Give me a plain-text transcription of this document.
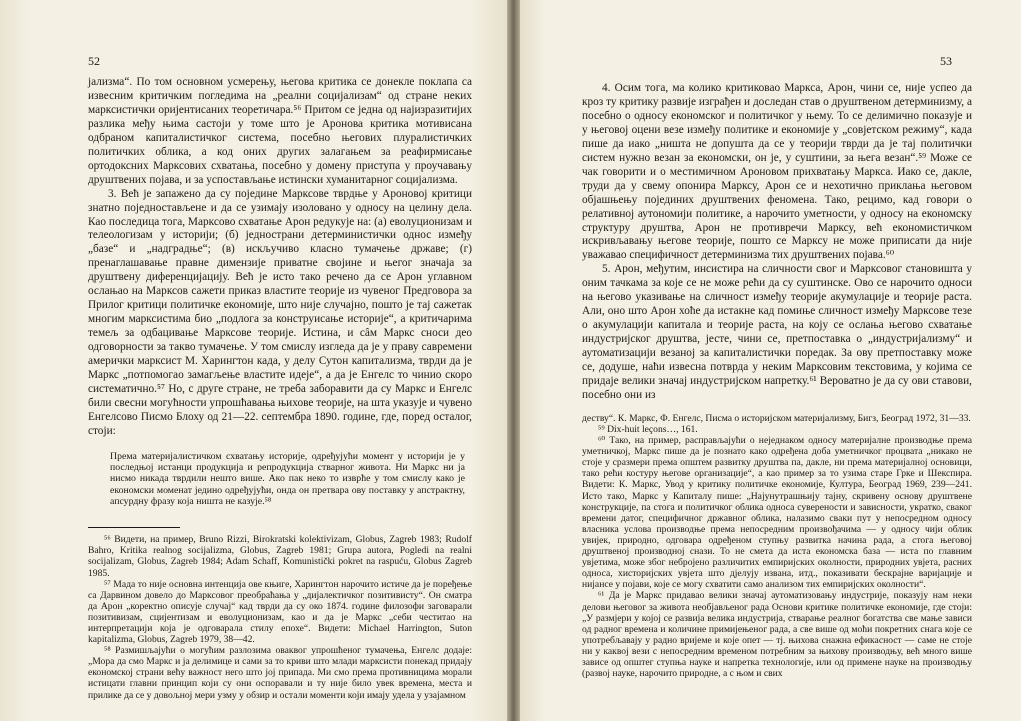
52

јализма“. По том основном усмерењу, његова критика се донекле поклапа са извесним критичким погледима на „реални социјализам“ од стране неких марксистички оријентисаних теоретичара.⁵⁶ Притом се једна од најизразитијих разлика међу њима састоји у томе што је Аронова критика мотивисана одбраном капиталистичког система, посебно његових плуралистичких политичких облика, а код оних других залагањем за реафирмисање ортодоксних Марксових схватања, посебно у домену приступа у проучавању друштвених појава, и за успостављање истински хуманитарног социјализма.

3. Већ је запажено да су поједине Марксове тврдње у Ароновој критици знатно поједностављене и да се узимају изоловано у односу на целину дела. Као последица тога, Марксово схватање Арон редукује на: (а) еволуционизам и телеологизам у историји; (б) једнострани детерминистички однос између „базе“ и „надградње“; (в) искључиво класно тумачење државе; (г) пренаглашавање правне димензије приватне својине и његог значаја за друштвену диференцијацију. Већ је исто тако речено да се Арон углавном ослањао на Марксов сажети приказ властите теорије из чувеног Предговора за Прилог критици политичке економије, што није случајно, пошто је тај сажетак многим марксистима био „подлога за конструисање историје“, а критичарима темељ за одбацивање Марксове теорије. Истина, и сâм Маркс сноси део одговорности за такво тумачење. У том смислу изгледа да је у праву савремени амерички марксист М. Харингтон када, у делу Сутон капитализма, тврди да је Маркс „потпомогао замагљење властите идеје“, а да је Енгелс то чинио скоро систематично.⁵⁷ Но, с друге стране, не треба заборавити да су Маркс и Енгелс били свесни могућности упрошћавања њихове теорије, на шта указује и чувено Енгелсово Писмо Блоху од 21—22. септембра 1890. године, где, поред осталог, стоји:

Према материјалистичком схватању историје, одређујући момент у историји је у последњој истанци продукција и репродукција стварног живота. Ни Маркс ни ја нисмо никада тврдили нешто више. Ако пак неко то изврће у том смислу како је економски моменат једино одређујући, онда он претвара ову поставку у апстрактну, апсурдну фразу која ништа не казује.⁵⁸

⁵⁶ Видети, на пример, Bruno Rizzi, Birokratski kolektivizam, Globus, Zagreb 1983; Rudolf Bahro, Kritika realnog socijalizma, Globus, Zagreb 1981; Grupa autora, Pogledi na realni socijalizam, Globus, Zagreb 1984; Adam Schaff, Komunistički pokret na raspuću, Globus Zagreb 1985.

⁵⁷ Мада то није основна интенција ове књиге, Харингтон нарочито истиче да је поређење са Дарвином довело до Марксовог преобраћања у „дијалектичког позитивисту“. Он сматра да Арон „коректно описује случај“ кад тврди да су око 1874. године филозофи заговарали позитивизам, сцијентизам и еволуционизам, као и да је Маркс „себи честитао на интерпретацији која је одговарала стилу епохе“. Видети: Michael Harrington, Suton kapitalizma, Globus, Zagreb 1979, 38—42.

⁵⁸ Размишљајући о могућим разлозима оваквог упрошћеног тумачења, Енгелс додаје: „Мора да смо Маркс и ја делимице и сами за то криви што млади марксисти понекад придају економској страни већу важност него што јој припада. Ми смо према противницима морали истицати главни принцип који су они оспоравали и ту није било увек времена, места и прилике да се у довољној мери узму у обзир и остали моменти који имају удела у узајамном

53

4. Осим тога, ма колико критиковао Маркса, Арон, чини се, није успео да кроз ту критику развије изграђен и доследан став о друштвеном детерминизму, а посебно о односу економског и политичког у њему. То се делимично показује и у његовој оцени везе између политике и економије у „совјетском режиму“, када пише да иако „ништа не допушта да се у теорији тврди да је тај политички систем нужно везан за економски, он је, у суштини, за њега везан“.⁵⁹ Може се чак говорити и о местимичном Ароновом прихватању Маркса. Иако се, дакле, труди да у свему опонира Марксу, Арон се и нехотично приклања његовом објашњењу појединих друштвених феномена. Тако, рецимо, кад говори о релативној аутономији политике, а нарочито уметности, у односу на економску структуру друштва, Арон не противречи Марксу, већ економистичком искривљавању његове теорије, пошто се Марксу не може приписати да није уважавао специфичност детерминизма тих друштвених појава.⁶⁰

5. Арон, међутим, инсистира на сличности свог и Марксовог становишта у оним тачкама за које се не може рећи да су суштинске. Ово се нарочито односи на његово указивање на сличност између теорије акумулације и теорије раста. Али, оно што Арон хоће да истакне кад помиње сличност између Марксове тезе о акумулацији капитала и теорије раста, на коју се ослања његово схватање индустријског друштва, јесте, чини се, претпоставка о „индустријализму“ и аутоматизацији везаној за капиталистички поредак. За ову претпоставку може се, додуше, наћи извесна потврда у неким Марксовим текстовима, у којима се придаје велики значај индустријском напретку.⁶¹ Вероватно је да су ови ставови, посебно они из

деству“. К. Маркс, Ф. Енгелс, Писма о историјском материјализму, Бигз, Београд 1972, 31—33.

⁵⁹ Dix-huit leçons…, 161.

⁶⁰ Тако, на пример, расправљајући о неједнаком односу материјалне производње према уметничкој, Маркс пише да је познато како одређена доба уметничког процвата „никако не стоје у сразмери према општем развитку друштва па, дакле, ни према материјалној основици, тако рећи костуру његове организације“, а као пример за то узима старе Грке и Шекспира. Видети: К. Маркс, Увод у критику политичке економије, Култура, Београд 1969, 239—241. Исто тако, Маркс у Капиталу пише: „Најунутрашњију тајну, скривену основу друштвене конструкције, па стога и политичког облика односа суверености и зависности, укратко, сваког времени датог, специфичног државног облика, налазимо сваки пут у непосредном односу власника услова производње према непосредним произвођачима — у односу чији облик увијек, природно, одговара одређеном ступњу развитка начина рада, а стога његовој друштвеној производној снази. То не смета да иста економска база — иста по главним увјетима, може због небројено различитих емпиријских околности, природних увјета, расних односа, хисторијских увјета што дјелују извана, итд., показивати бескрајне варијације и нијансе у појави, које се могу схватити само анализом тих емпиријских околности“.

⁶¹ Да је Маркс придавао велики значај аутоматизовању индустрије, показују нам неки делови његовог за живота необјављеног рада Основи критике политичке економије, где стоји: „У размјери у којој се развија велика индустрија, стварање реалног богатства све мање зависи од радног времена и количине примијењеног рада, а све више од моћи покретних снага које се употребљавају у радно вријеме и које опет — тј. њихова снажна ефикасност — саме не стоје ни у каквој вези с непосредним временом потребним за њихову производњу, већ много више зависе од општег ступња науке и напретка технологије, или од примене науке на производњу (развој науке, нарочито природне, а с њом и свих
